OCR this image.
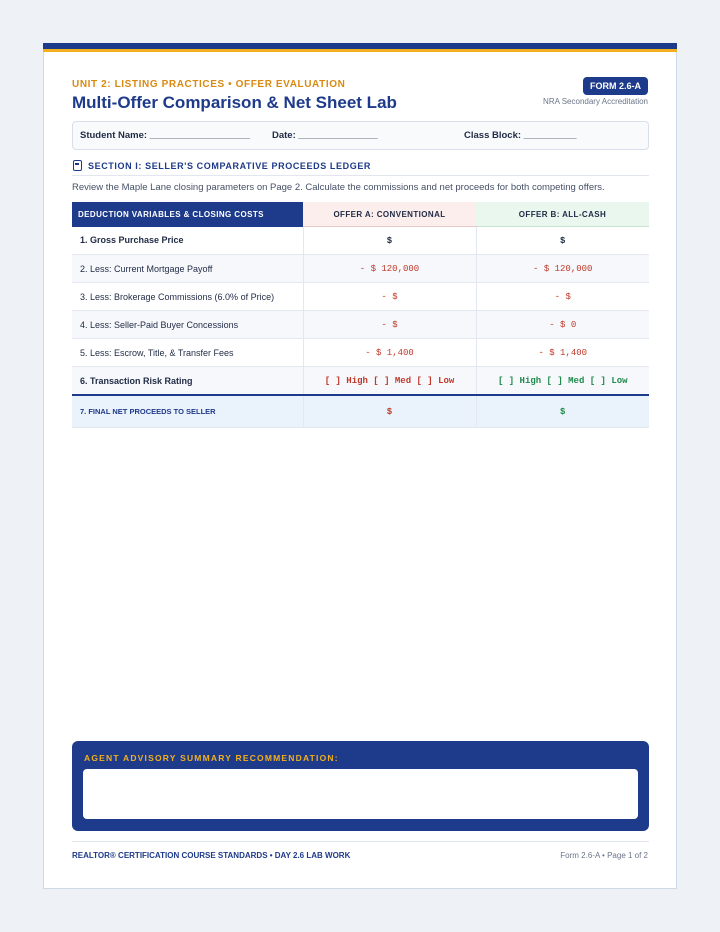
UNIT 2: LISTING PRACTICES • OFFER EVALUATION
Multi-Offer Comparison & Net Sheet Lab
FORM 2.6-A
NRA Secondary Accreditation
Student Name: ___________________ Date: _______________	Class Block: __________
SECTION I: SELLER'S COMPARATIVE PROCEEDS LEDGER
Review the Maple Lane closing parameters on Page 2. Calculate the commissions and net proceeds for both competing offers.
DEDUCTION VARIABLES & CLOSING COSTS	OFFER A: CONVENTIONAL	OFFER B: ALL-CASH
1. Gross Purchase Price	$	$
2. Less: Current Mortgage Payoff	- $ 120,000	- $ 120,000
3. Less: Brokerage Commissions (6.0% of Price)	- $	- $
4. Less: Seller-Paid Buyer Concessions	- $	- $ 0
5. Less: Escrow, Title, & Transfer Fees	- $ 1,400	- $ 1,400
6. Transaction Risk Rating	[ ] High [ ] Med [ ] Low	[ ] High [ ] Med [ ] Low
7. FINAL NET PROCEEDS TO SELLER	$	$
AGENT ADVISORY SUMMARY RECOMMENDATION:
REALTOR® CERTIFICATION COURSE STANDARDS • DAY 2.6 LAB WORK	Form 2.6-A • Page 1 of 2
